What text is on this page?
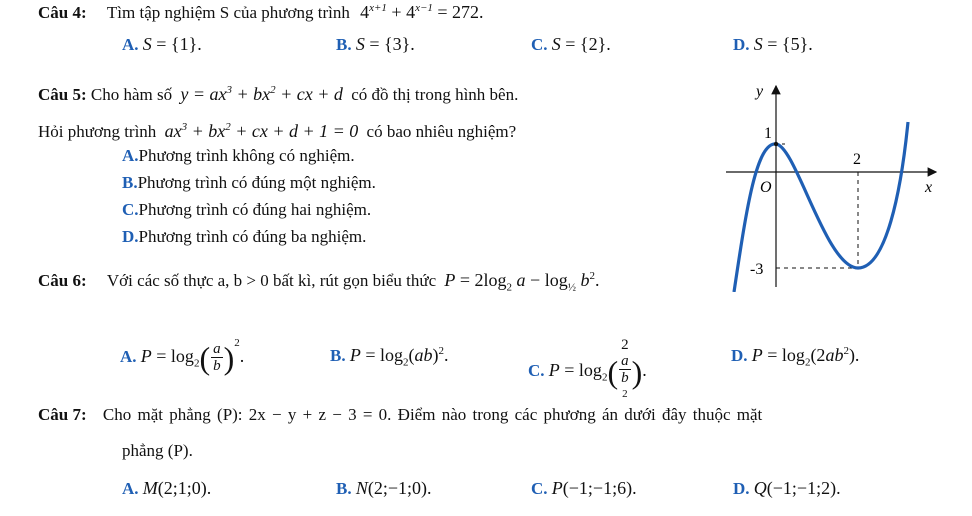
Câu 4: Tìm tập nghiệm S của phương trình $4^{x+1} + 4^{x-1} = 272$.
A. S = {1}.	B. S = {3}.	C. S = {2}.	D. S = {5}.
Câu 5: Cho hàm số $y = ax^3 + bx^2$ + cx + d có đồ thị trong hình bên.
Hỏi phương trình $ax^3 + bx^2$ + cx + d + 1 = 0 có bao nhiêu nghiệm?
A.Phương trình không có nghiệm.
B.Phương trình có đúng một nghiệm.
C.Phương trình có đúng hai nghiệm.
D.Phương trình có đúng ba nghiệm.
y
x
O
1
2
-3
Câu 6: Với các số thực a, b > 0 bất kì, rút gọn biểu thức $P = 2\log_2$ $a - \log_{\frac{1}{2}} b^2$.
A. $P = \log_2( \frac{a}{b} )^2$.	B. $P = \log_2(ab)^2$.
C. $P = \log_2$( 2
a
b
$^2$ ).
D. $P = \log_2(2ab^2)$.
Câu 7: Cho mặt phẳng (P): 2x − y + z − 3 = 0. Điểm nào trong các phương án dưới đây thuộc mặt
phẳng (P).
A. M(2;1;0).	B. N(2;−1;0).	C. P(−1;−1;6).	D. Q(−1;−1;2).
